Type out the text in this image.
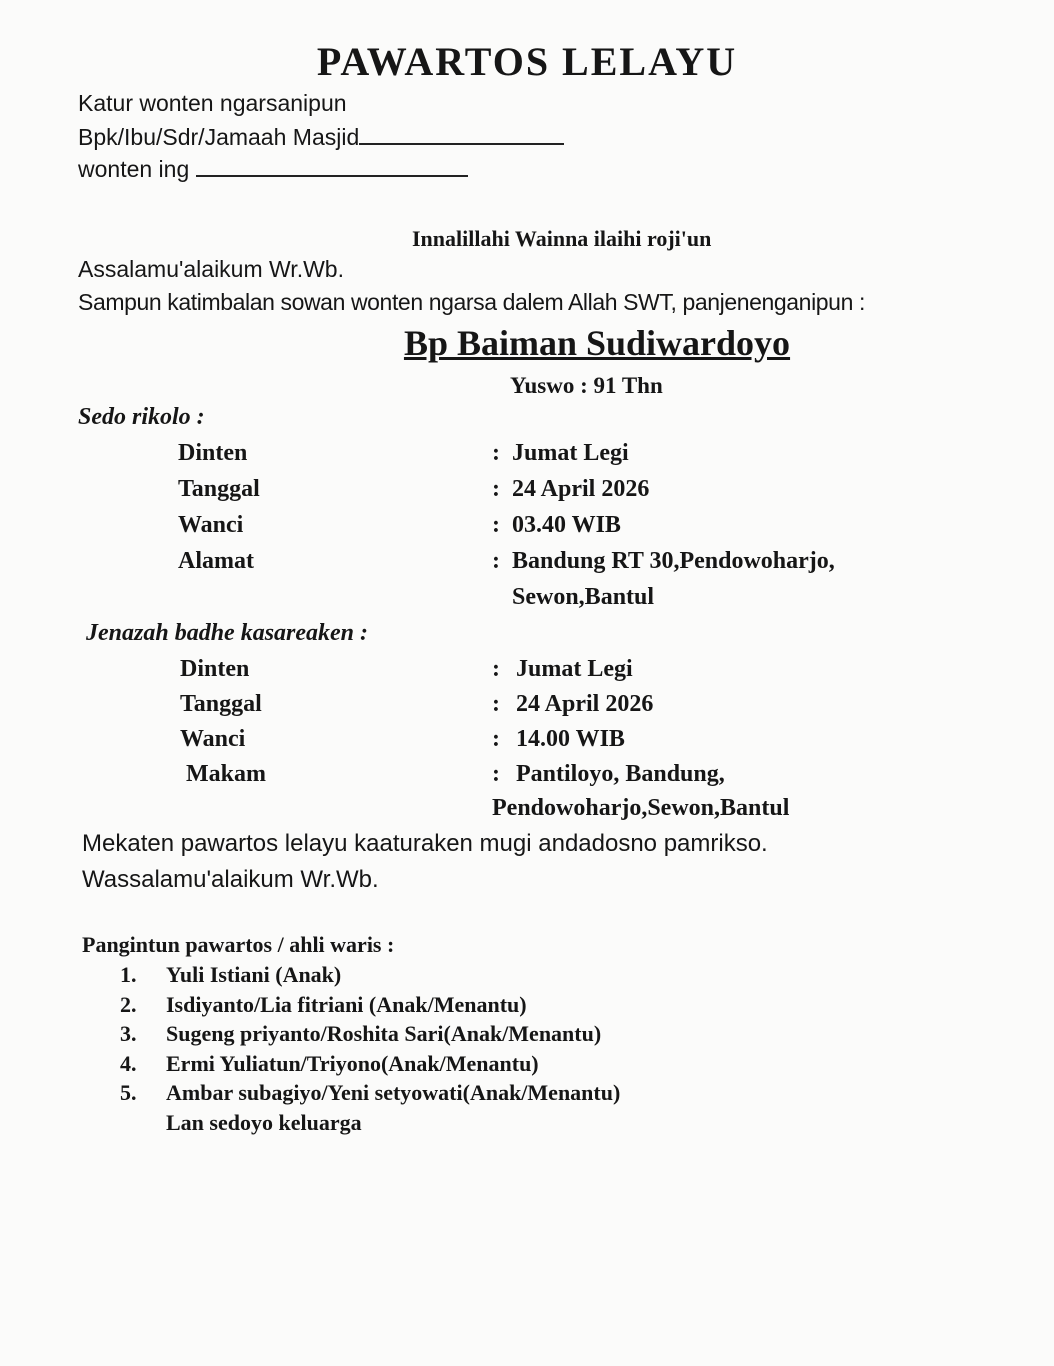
PAWARTOS LELAYU
Katur wonten ngarsanipun
Bpk/Ibu/Sdr/Jamaah Masjid
wonten ing
Innalillahi Wainna ilaihi roji'un
Assalamu'alaikum Wr.Wb.
Sampun katimbalan sowan wonten ngarsa dalem Allah SWT, panjenenganipun :
Bp Baiman Sudiwardoyo
Yuswo : 91 Thn
Sedo rikolo :
Dinten	: Jumat Legi
Tanggal	: 24 April 2026
Wanci	: 03.40 WIB
Alamat	: Bandung RT 30,Pendowoharjo,
Sewon,Bantul
Jenazah badhe kasareaken :
Dinten	: Jumat Legi
Tanggal	: 24 April 2026
Wanci	: 14.00 WIB
Makam	: Pantiloyo, Bandung,
Pendowoharjo,Sewon,Bantul
Mekaten pawartos lelayu kaaturaken mugi andadosno pamrikso.
Wassalamu'alaikum Wr.Wb.
Pangintun pawartos / ahli waris :
1. Yuli Istiani (Anak)
2. Isdiyanto/Lia fitriani (Anak/Menantu)
3. Sugeng priyanto/Roshita Sari(Anak/Menantu)
4. Ermi Yuliatun/Triyono(Anak/Menantu)
5. Ambar subagiyo/Yeni setyowati(Anak/Menantu)
Lan sedoyo keluarga
